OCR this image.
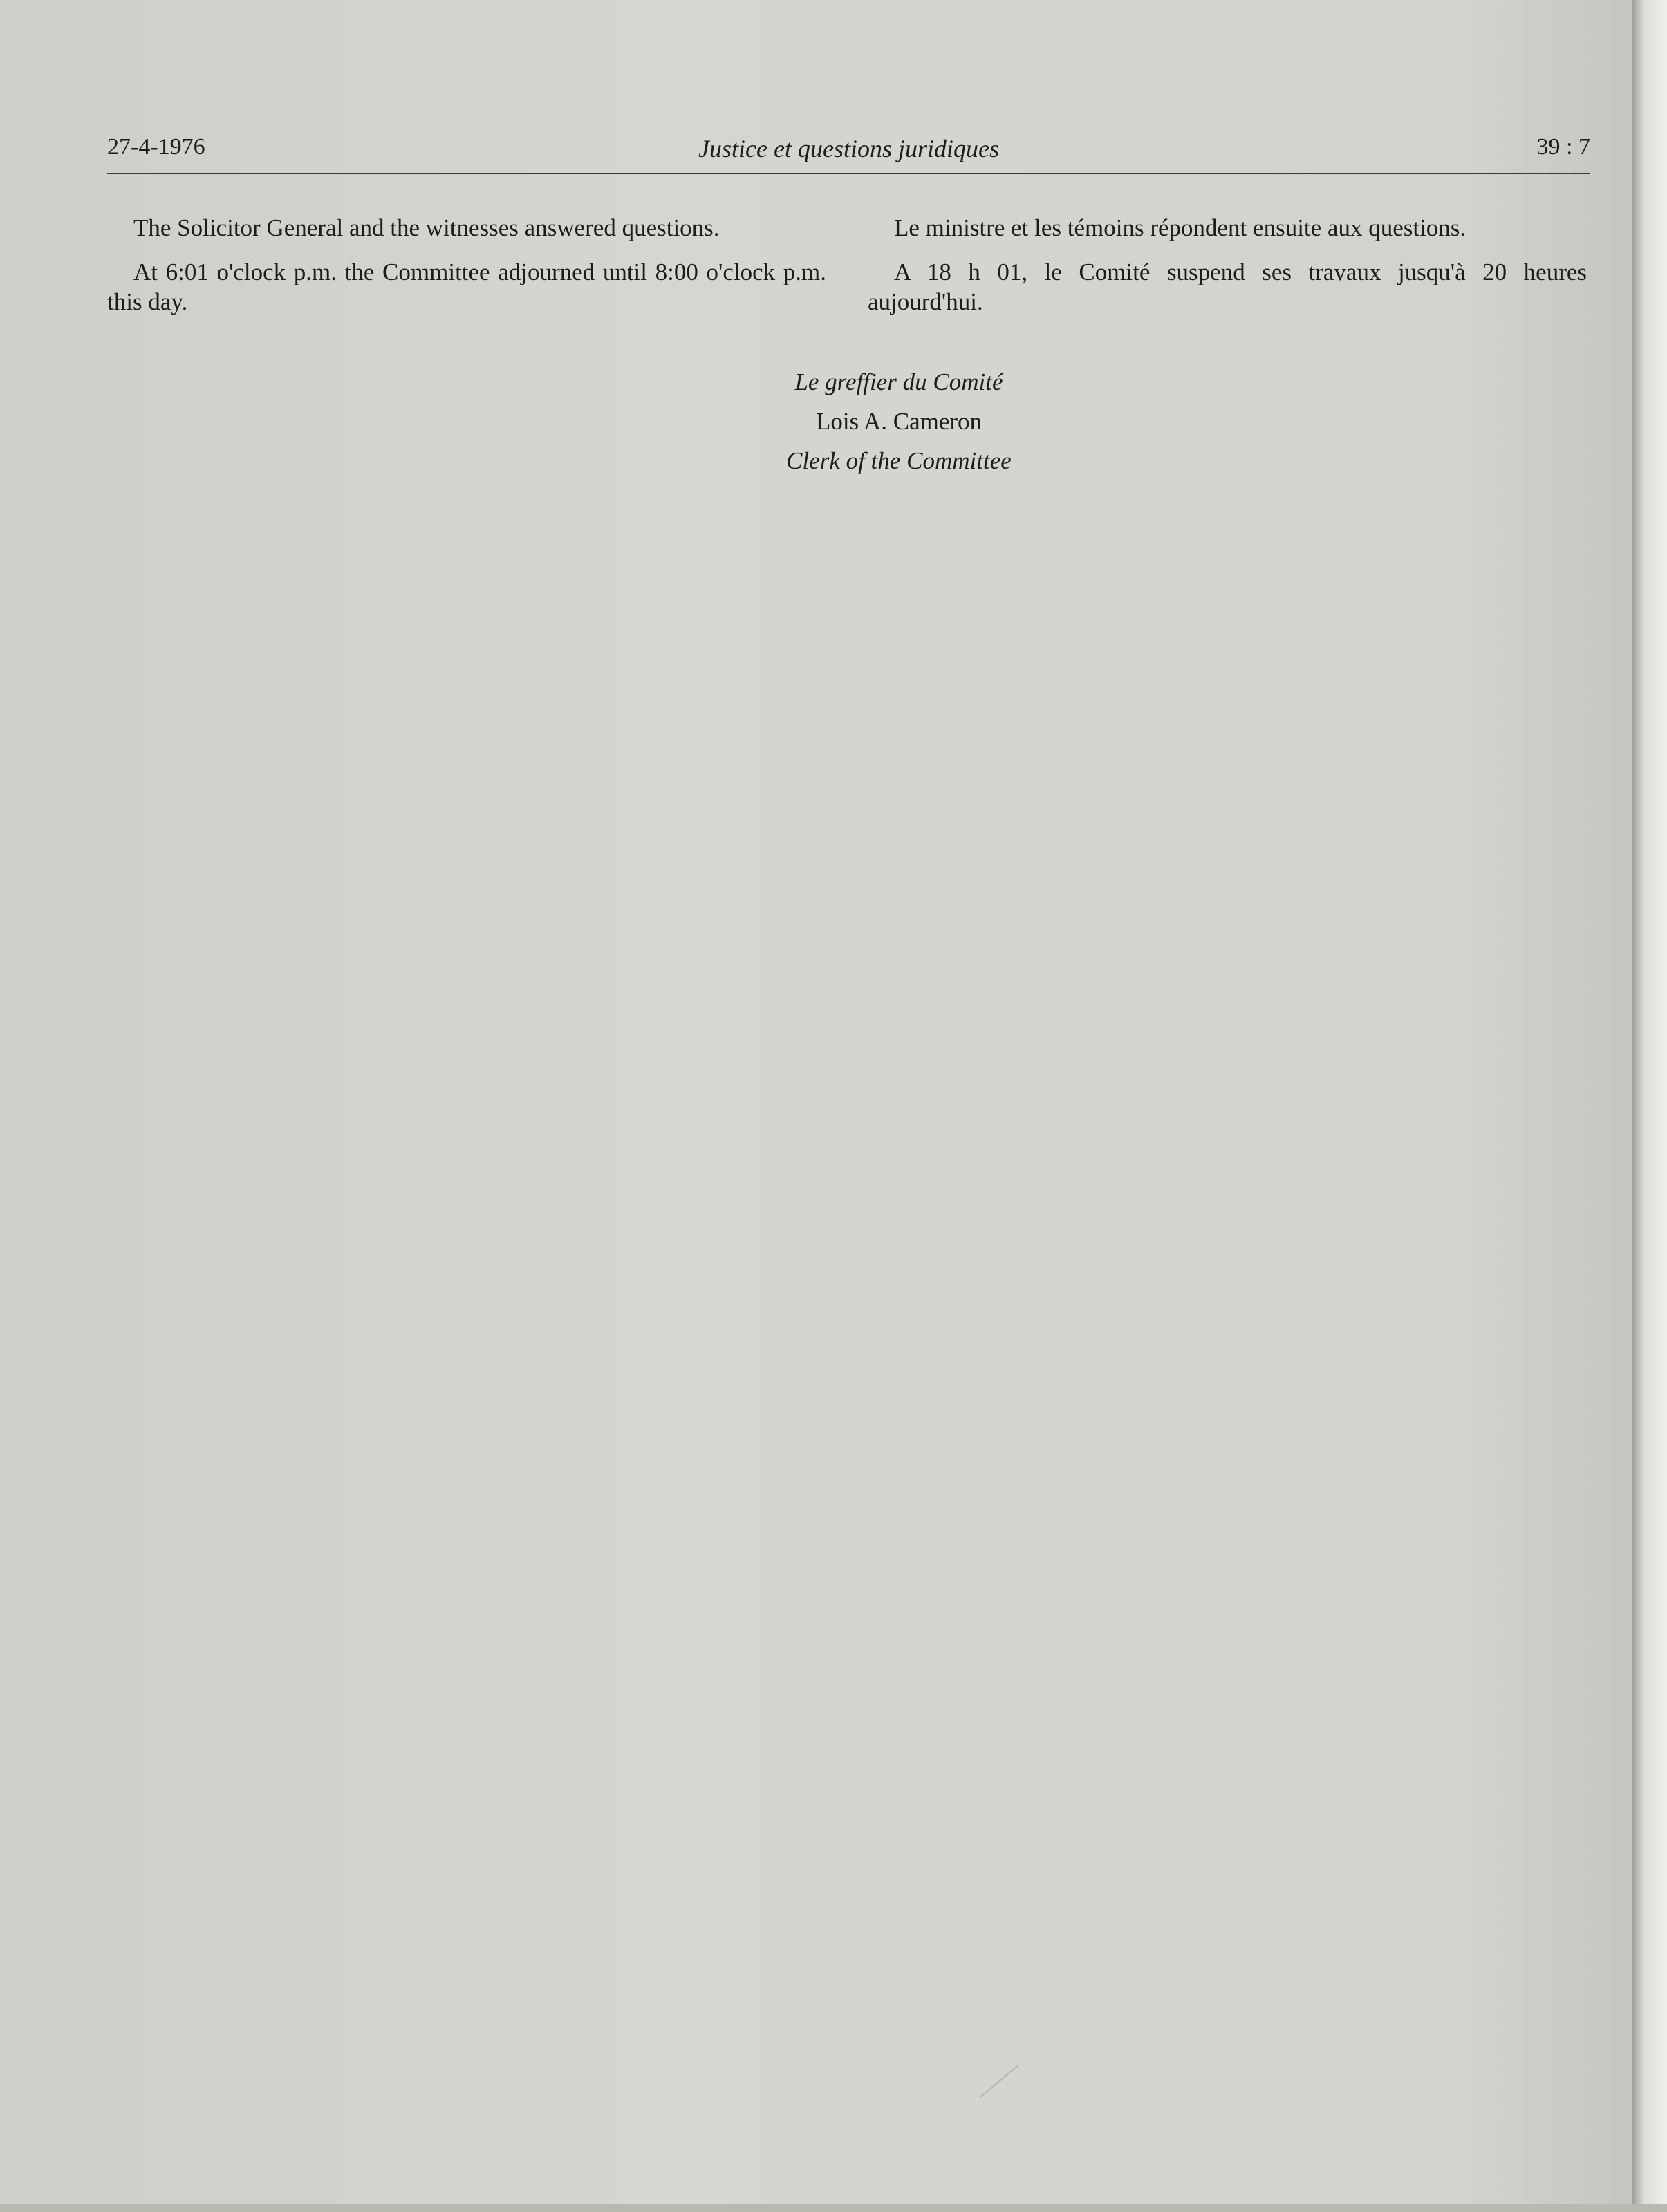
27-4-1976	Justice et questions juridiques	39 : 7

The Solicitor General and the witnesses answered questions.

At 6:01 o'clock p.m. the Committee adjourned until 8:00 o'clock p.m. this day.

Le ministre et les témoins répondent ensuite aux questions.

A 18 h 01, le Comité suspend ses travaux jusqu'à 20 heures aujourd'hui.

Le greffier du Comité
Lois A. Cameron
Clerk of the Committee
